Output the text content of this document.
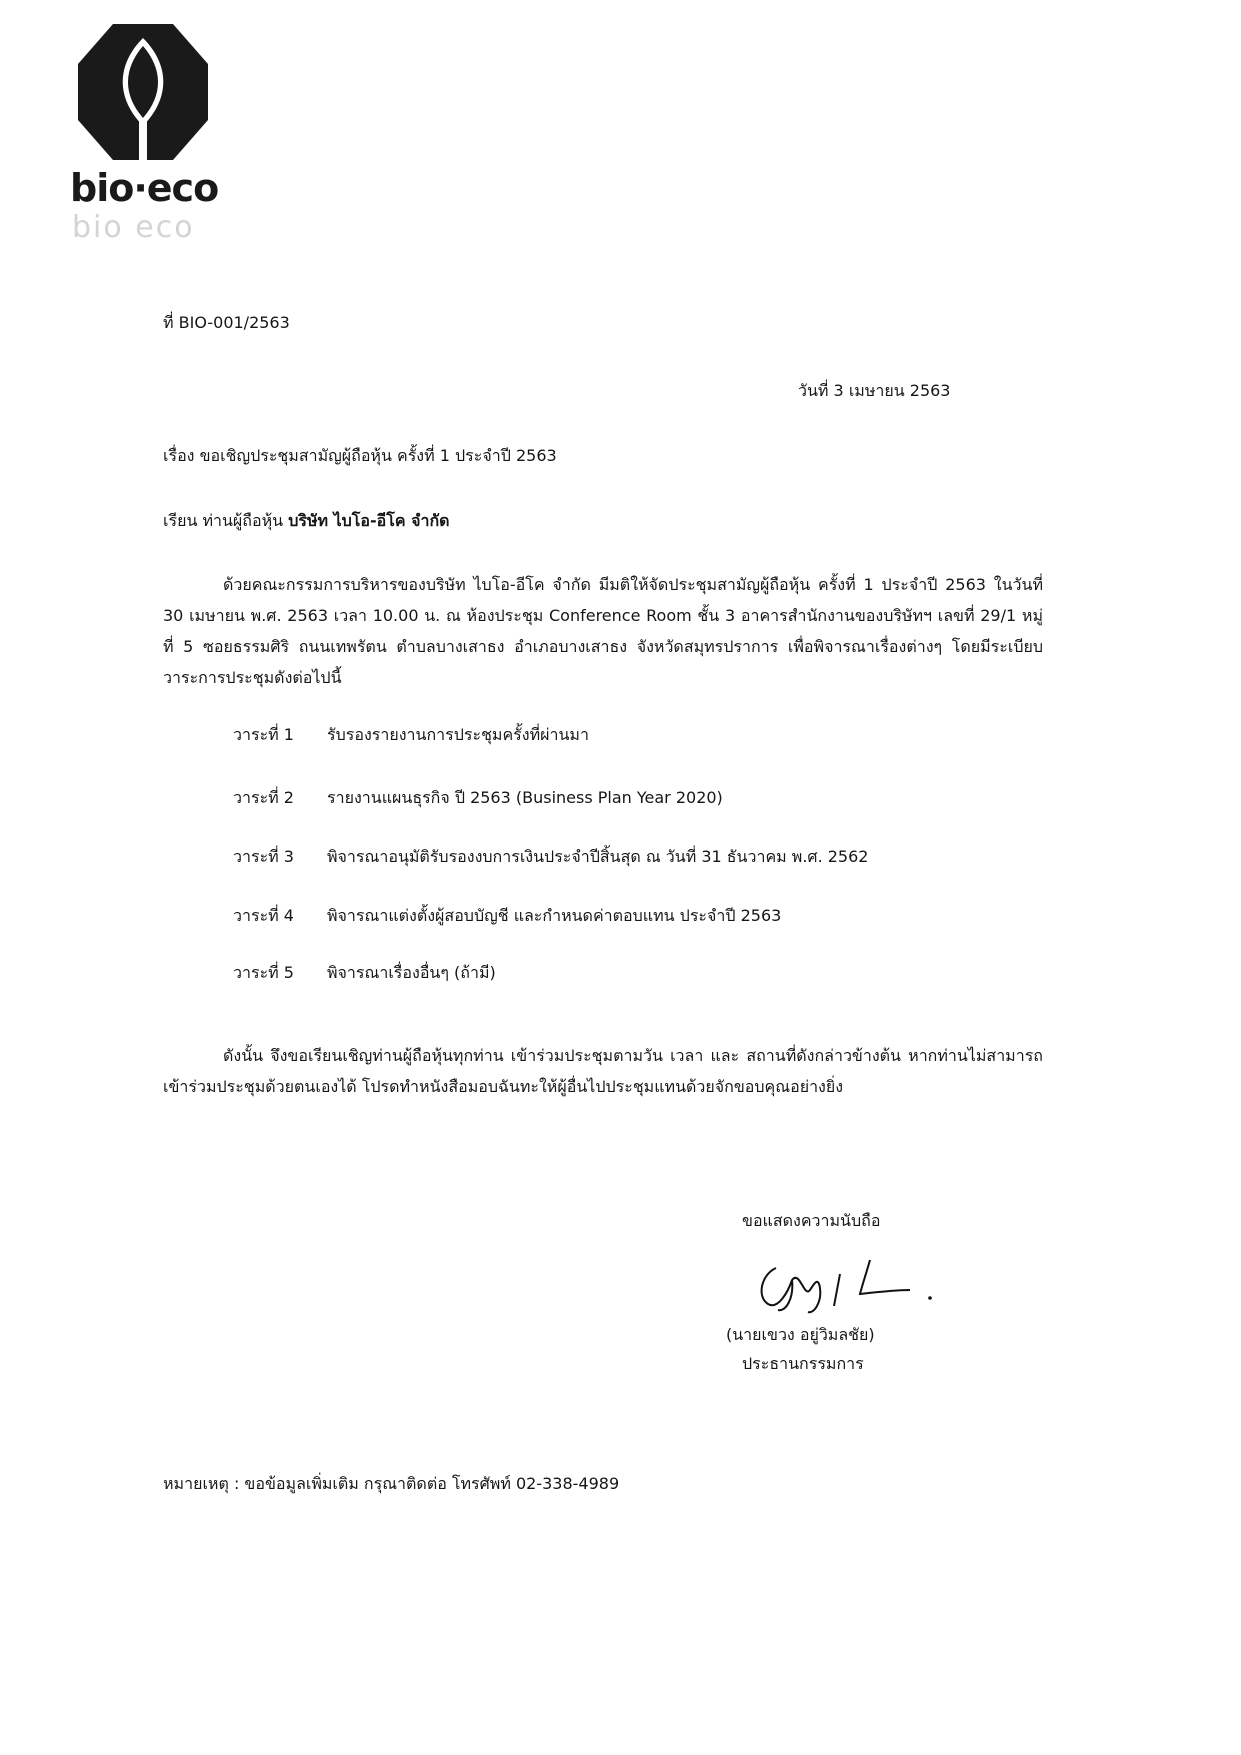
bio·eco
bio eco
ที่ BIO-001/2563
วันที่ 3 เมษายน 2563
เรื่อง ขอเชิญประชุมสามัญผู้ถือหุ้น ครั้งที่ 1 ประจำปี 2563
เรียน ท่านผู้ถือหุ้น บริษัท ไบโอ-อีโค จำกัด
ด้วยคณะกรรมการบริหารของบริษัท ไบโอ-อีโค จำกัด มีมติให้จัดประชุมสามัญผู้ถือหุ้น ครั้งที่ 1 ประจำปี 2563 ในวันที่ 30 เมษายน พ.ศ. 2563 เวลา 10.00 น. ณ ห้องประชุม Conference Room ชั้น 3 อาคารสำนักงานของบริษัทฯ เลขที่ 29/1 หมู่ที่ 5 ซอยธรรมศิริ ถนนเทพรัตน ตำบลบางเสาธง อำเภอบางเสาธง จังหวัดสมุทรปราการ เพื่อพิจารณาเรื่องต่างๆ โดยมีระเบียบ วาระการประชุมดังต่อไปนี้
วาระที่ 1 รับรองรายงานการประชุมครั้งที่ผ่านมา
วาระที่ 2 รายงานแผนธุรกิจ ปี 2563 (Business Plan Year 2020)
วาระที่ 3 พิจารณาอนุมัติรับรองงบการเงินประจำปีสิ้นสุด ณ วันที่ 31 ธันวาคม พ.ศ. 2562
วาระที่ 4 พิจารณาแต่งตั้งผู้สอบบัญชี และกำหนดค่าตอบแทน ประจำปี 2563
วาระที่ 5 พิจารณาเรื่องอื่นๆ (ถ้ามี)
ดังนั้น จึงขอเรียนเชิญท่านผู้ถือหุ้นทุกท่าน เข้าร่วมประชุมตามวัน เวลา และ สถานที่ดังกล่าวข้างต้น หากท่านไม่สามารถเข้าร่วมประชุมด้วยตนเองได้ โปรดทำหนังสือมอบฉันทะให้ผู้อื่นไปประชุมแทนด้วยจักขอบคุณอย่างยิ่ง
ขอแสดงความนับถือ
(นายเขวง อยู่วิมลชัย)
ประธานกรรมการ
หมายเหตุ : ขอข้อมูลเพิ่มเติม กรุณาติดต่อ โทรศัพท์ 02-338-4989
